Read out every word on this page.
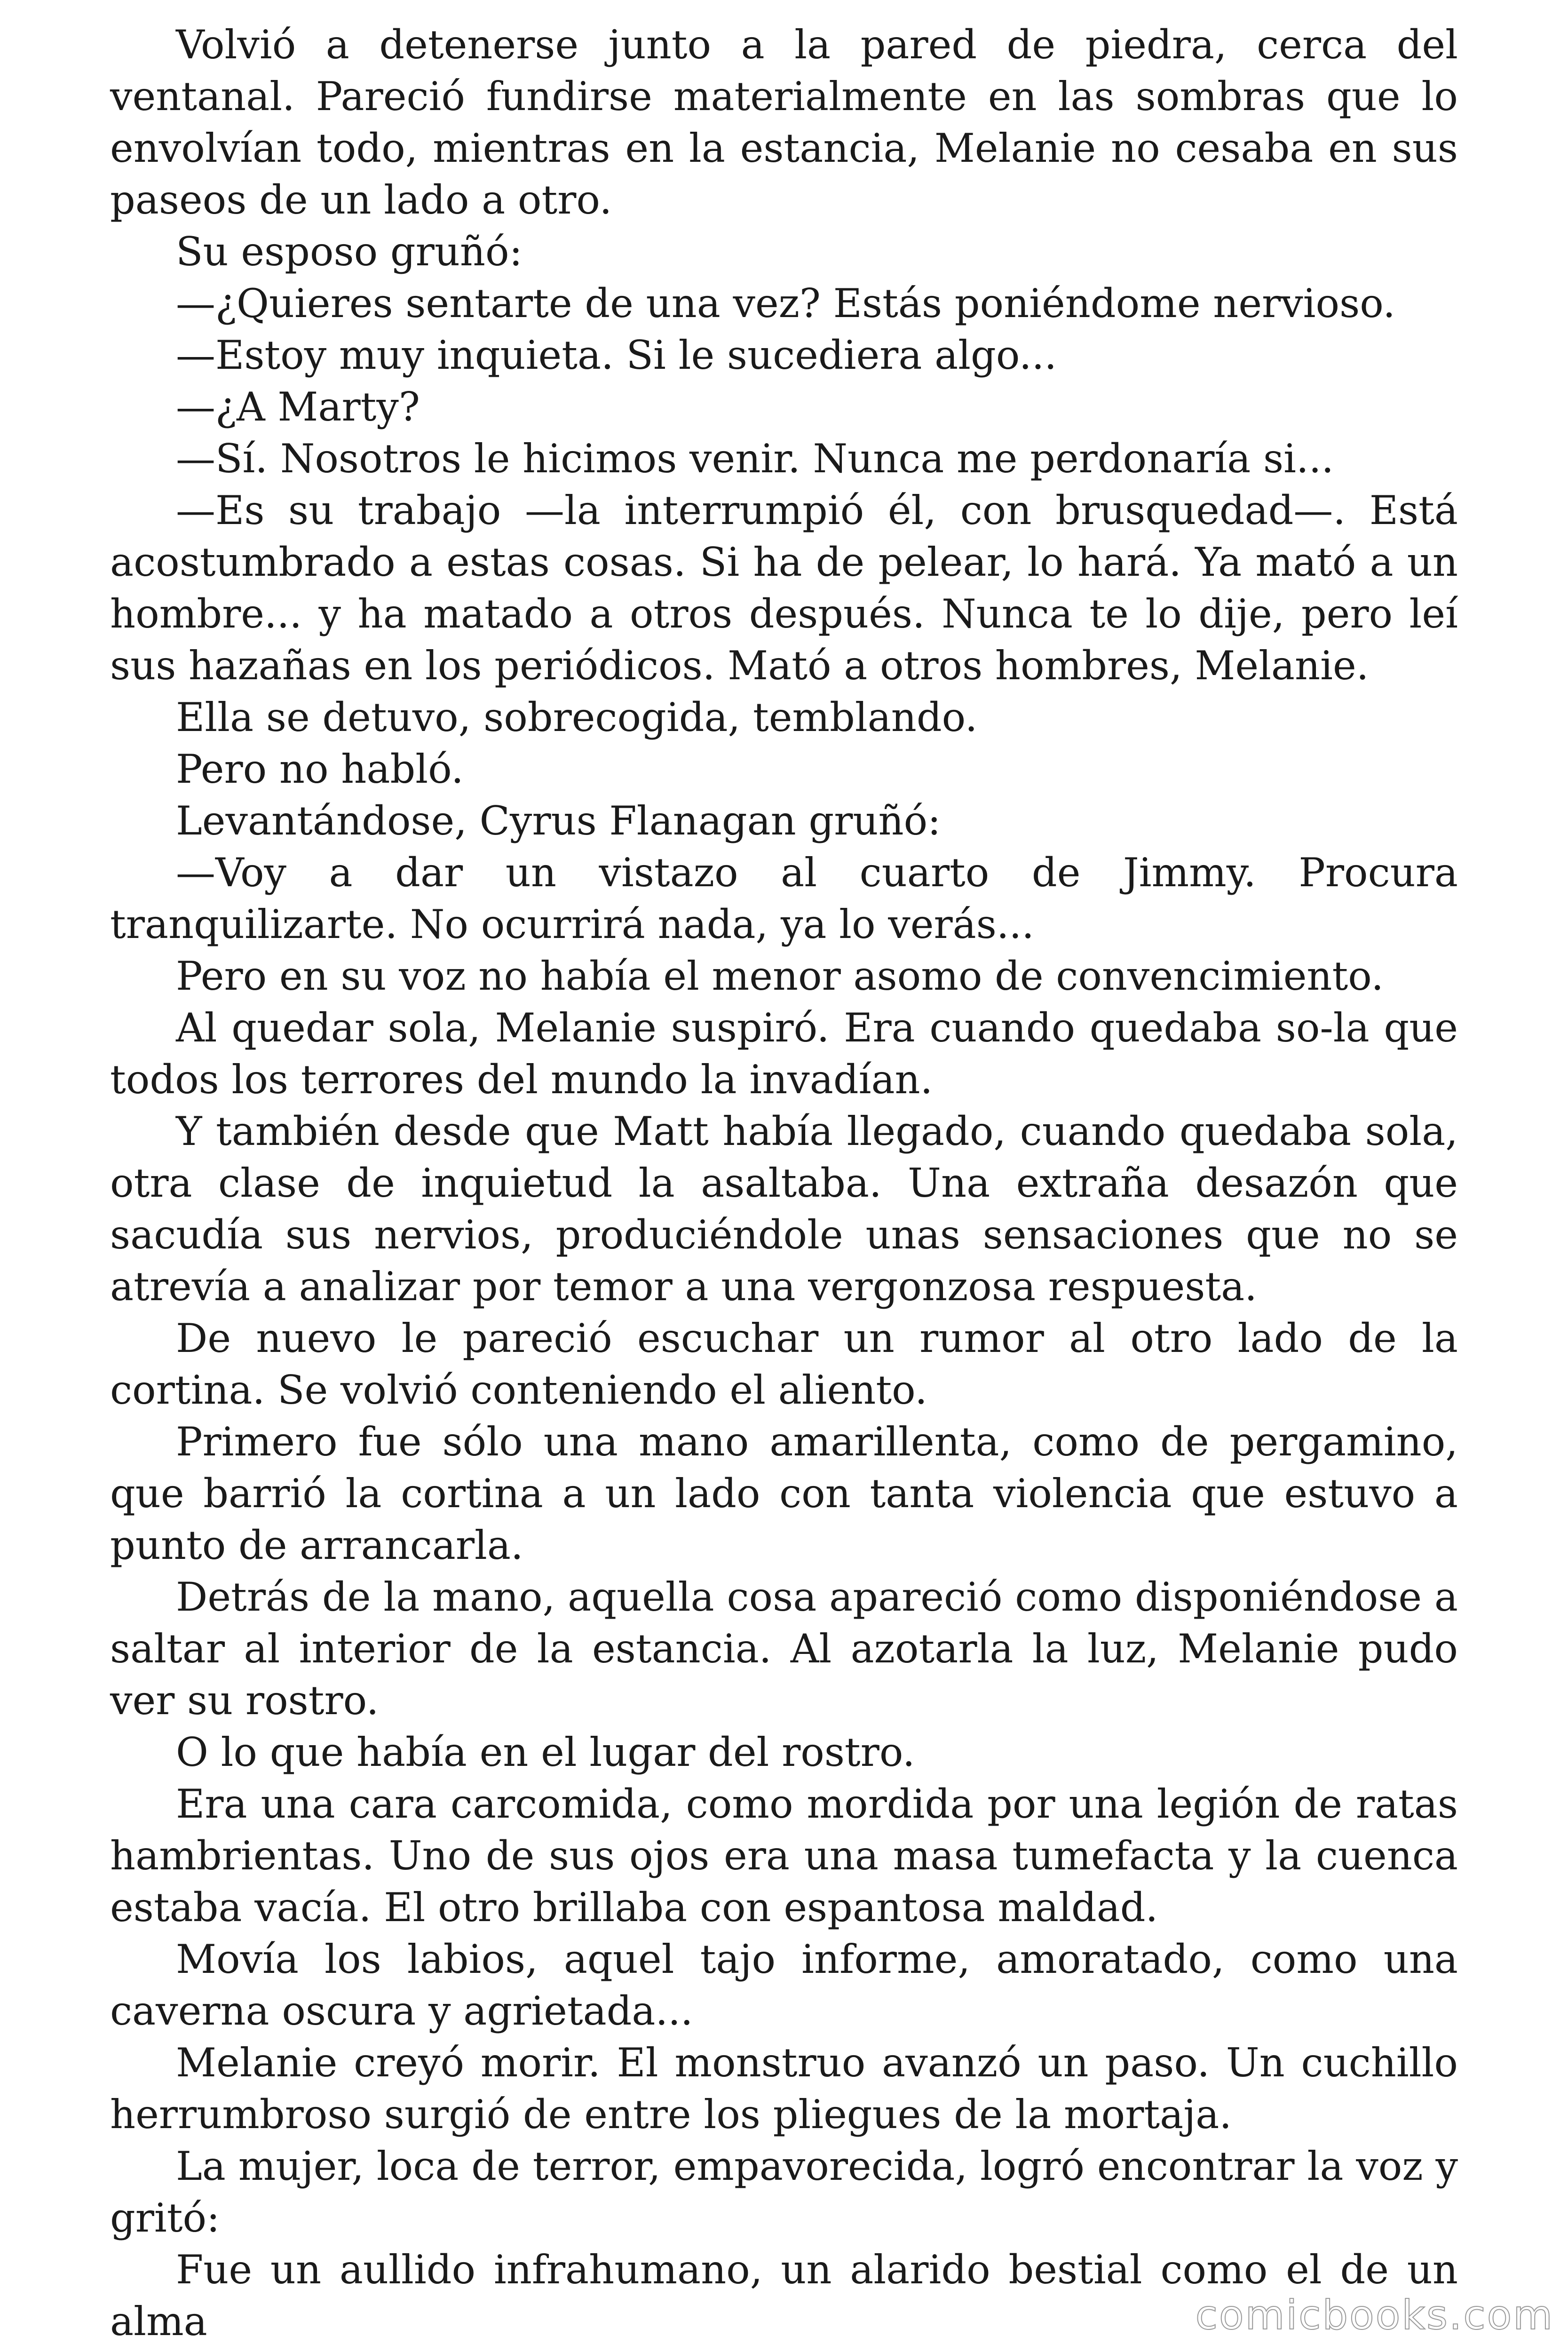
Volvió a detenerse junto a la pared de piedra, cerca del ventanal. Pareció fundirse materialmente en las sombras que lo envolvían todo, mientras en la estancia, Melanie no cesaba en sus paseos de un lado a otro.

Su esposo gruñó:

—¿Quieres sentarte de una vez? Estás poniéndome nervioso.

—Estoy muy inquieta. Si le sucediera algo...

—¿A Marty?

—Sí. Nosotros le hicimos venir. Nunca me perdonaría si...

—Es su trabajo —la interrumpió él, con brusquedad—. Está acostumbrado a estas cosas. Si ha de pelear, lo hará. Ya mató a un hombre... y ha matado a otros después. Nunca te lo dije, pero leí sus hazañas en los periódicos. Mató a otros hombres, Melanie.

Ella se detuvo, sobrecogida, temblando.

Pero no habló.

Levantándose, Cyrus Flanagan gruñó:

—Voy a dar un vistazo al cuarto de Jimmy. Procura tranquilizarte. No ocurrirá nada, ya lo verás...

Pero en su voz no había el menor asomo de convencimiento.

Al quedar sola, Melanie suspiró. Era cuando quedaba so-la que todos los terrores del mundo la invadían.

Y también desde que Matt había llegado, cuando quedaba sola, otra clase de inquietud la asaltaba. Una extraña desazón que sacudía sus nervios, produciéndole unas sensaciones que no se atrevía a analizar por temor a una vergonzosa respuesta.

De nuevo le pareció escuchar un rumor al otro lado de la cortina. Se volvió conteniendo el aliento.

Primero fue sólo una mano amarillenta, como de pergamino, que barrió la cortina a un lado con tanta violencia que estuvo a punto de arrancarla.

Detrás de la mano, aquella cosa apareció como disponiéndose a saltar al interior de la estancia. Al azotarla la luz, Melanie pudo ver su rostro.

O lo que había en el lugar del rostro.

Era una cara carcomida, como mordida por una legión de ratas hambrientas. Uno de sus ojos era una masa tumefacta y la cuenca estaba vacía. El otro brillaba con espantosa maldad.

Movía los labios, aquel tajo informe, amoratado, como una caverna oscura y agrietada...

Melanie creyó morir. El monstruo avanzó un paso. Un cuchillo herrumbroso surgió de entre los pliegues de la mortaja.

La mujer, loca de terror, empavorecida, logró encontrar la voz y gritó:

Fue un aullido infrahumano, un alarido bestial como el de un alma	comicbooks.com
